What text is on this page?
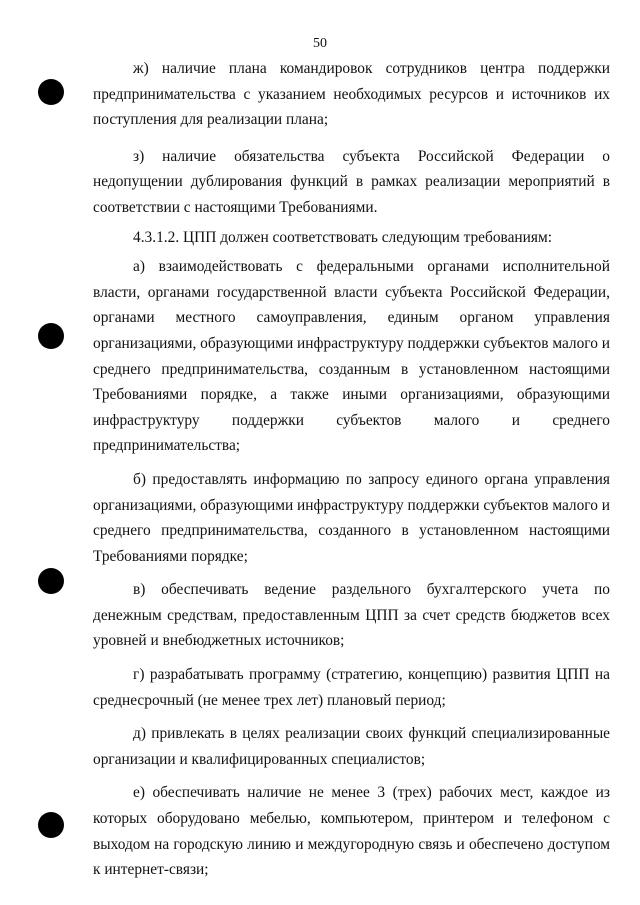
50

ж) наличие плана командировок сотрудников центра поддержки предпринимательства с указанием необходимых ресурсов и источников их поступления для реализации плана;

з) наличие обязательства субъекта Российской Федерации о недопущении дублирования функций в рамках реализации мероприятий в соответствии с настоящими Требованиями.

4.3.1.2. ЦПП должен соответствовать следующим требованиям:

а) взаимодействовать с федеральными органами исполнительной власти, органами государственной власти субъекта Российской Федерации, органами местного самоуправления, единым органом управления организациями, образующими инфраструктуру поддержки субъектов малого и среднего предпринимательства, созданным в установленном настоящими Требованиями порядке, а также иными организациями, образующими инфраструктуру поддержки субъектов малого и среднего предпринимательства;

б) предоставлять информацию по запросу единого органа управления организациями, образующими инфраструктуру поддержки субъектов малого и среднего предпринимательства, созданного в установленном настоящими Требованиями порядке;

в) обеспечивать ведение раздельного бухгалтерского учета по денежным средствам, предоставленным ЦПП за счет средств бюджетов всех уровней и внебюджетных источников;

г) разрабатывать программу (стратегию, концепцию) развития ЦПП на среднесрочный (не менее трех лет) плановый период;

д) привлекать в целях реализации своих функций специализированные организации и квалифицированных специалистов;

е) обеспечивать наличие не менее 3 (трех) рабочих мест, каждое из которых оборудовано мебелью, компьютером, принтером и телефоном с выходом на городскую линию и междугородную связь и обеспечено доступом к интернет-связи;
